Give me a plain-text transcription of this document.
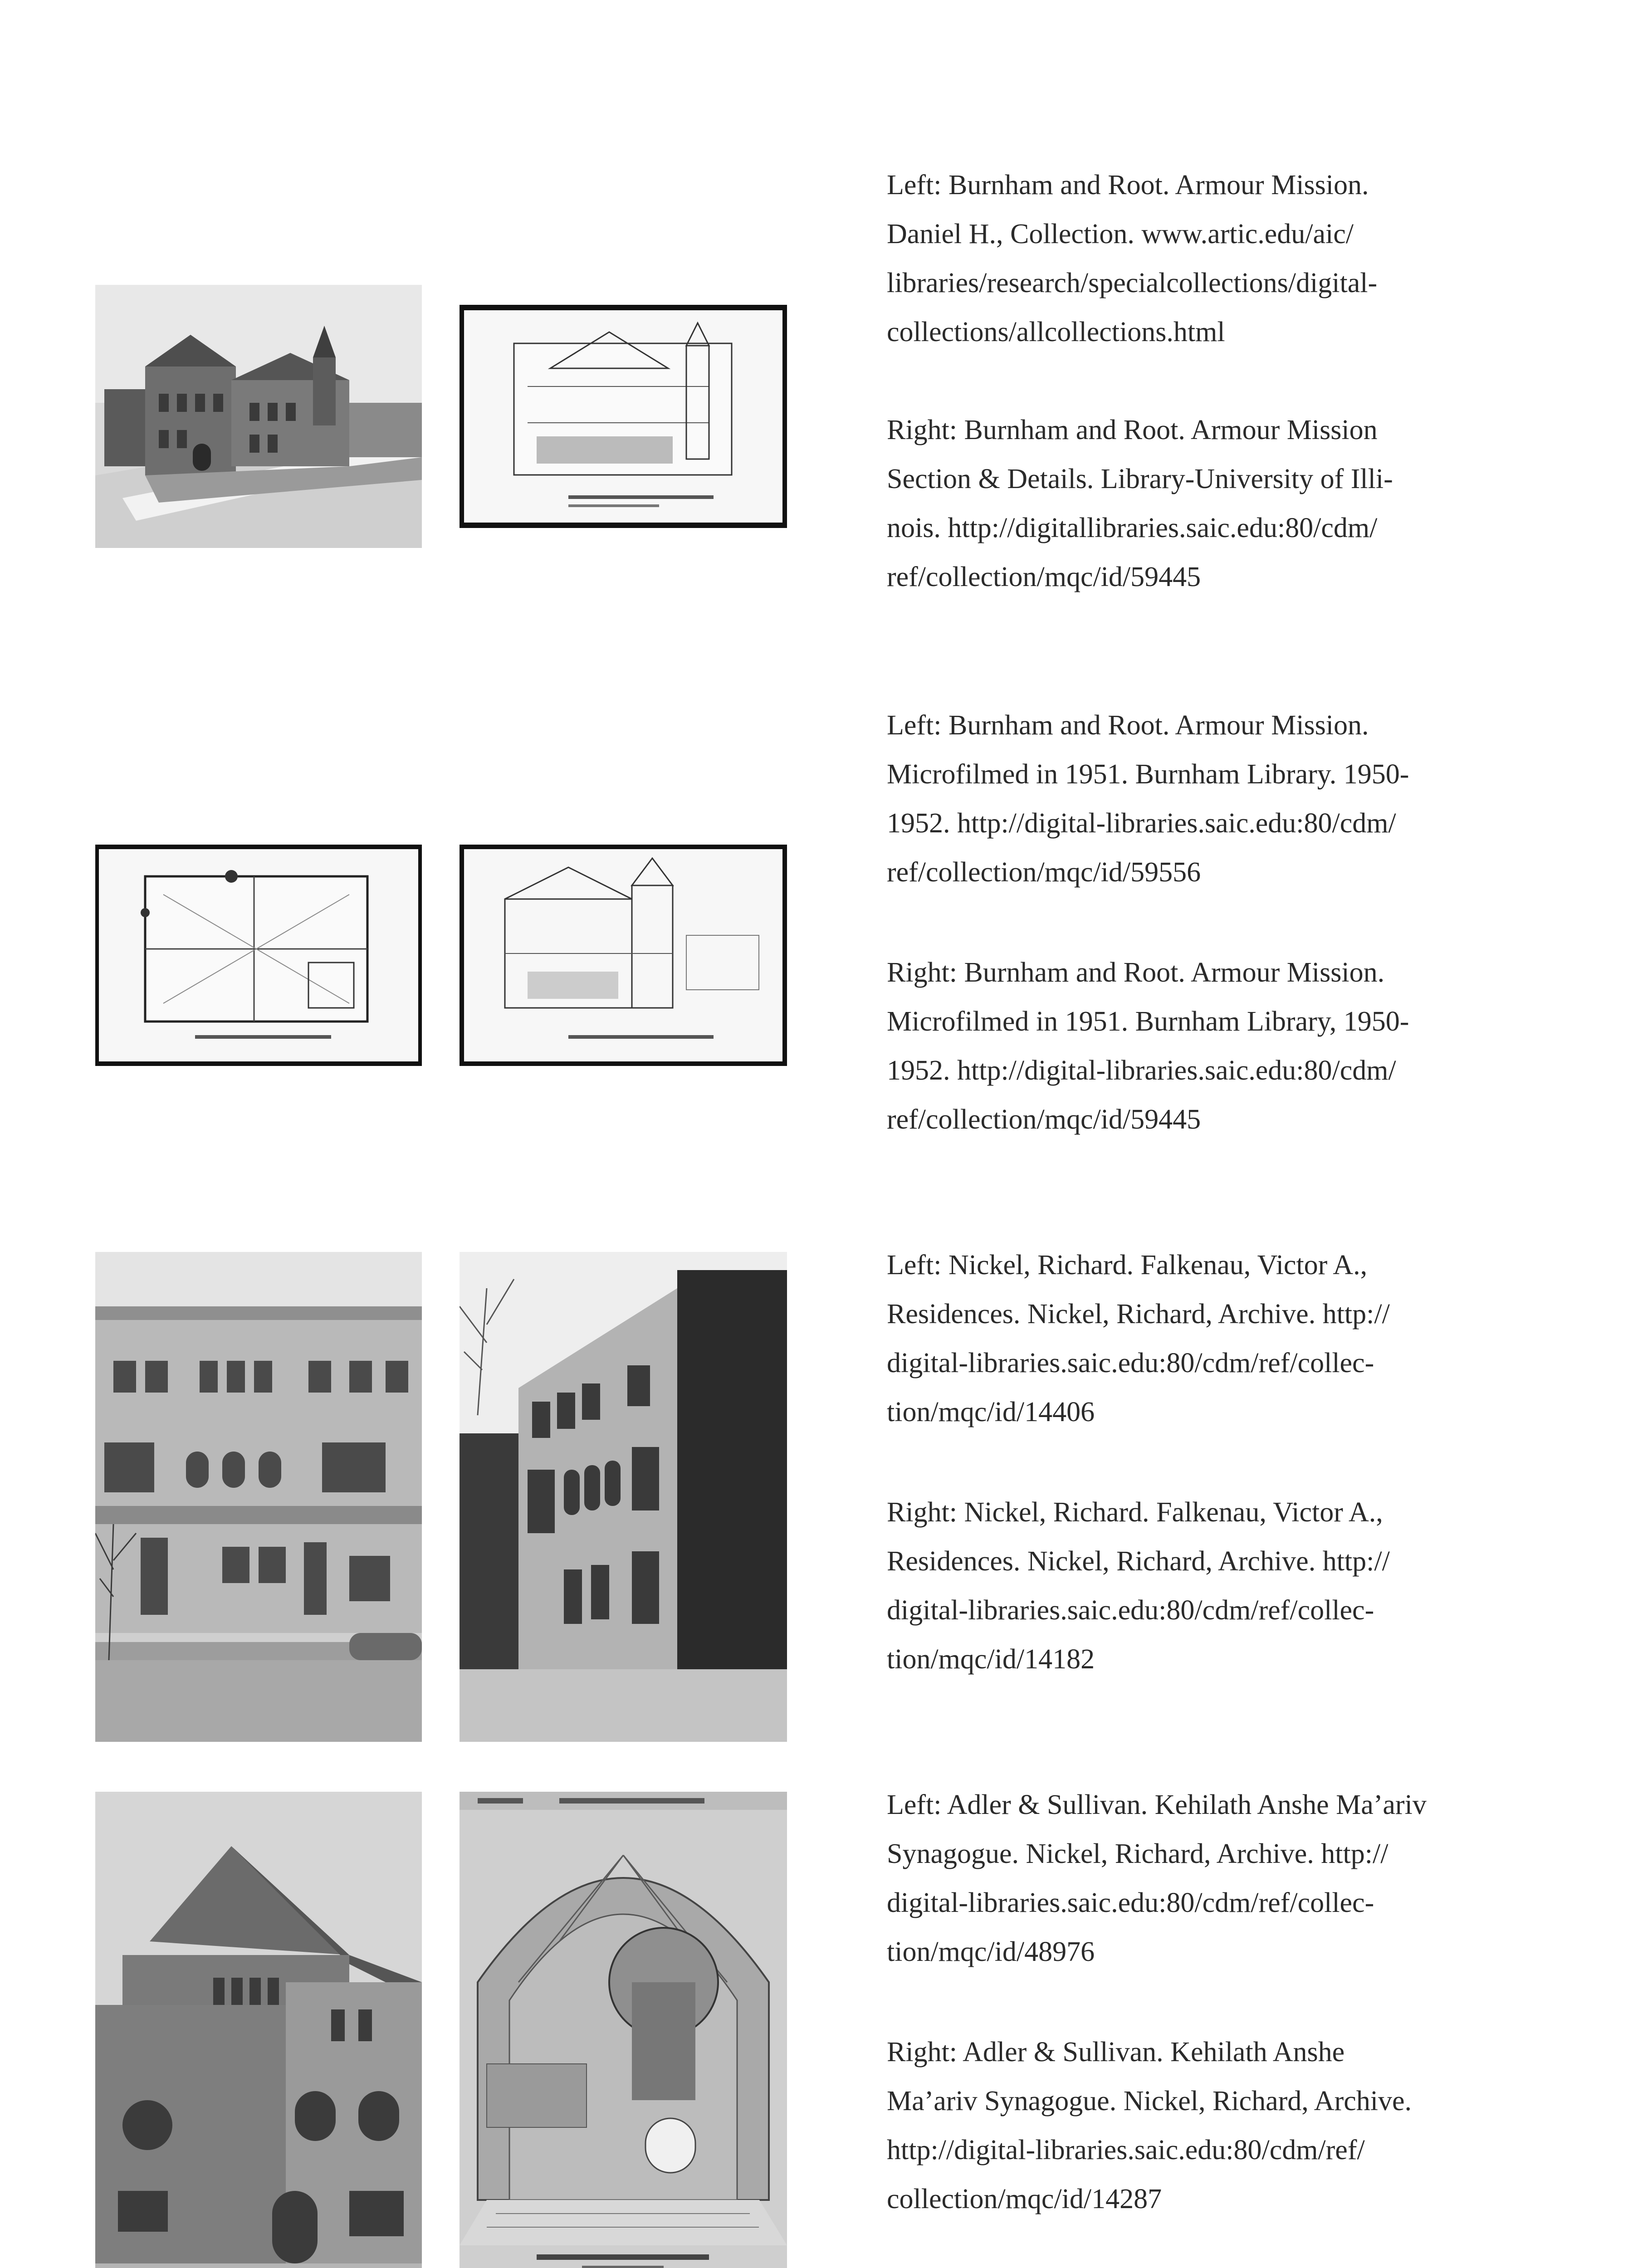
Left: Burnham and Root. Armour Mission.
Daniel H., Collection. www.artic.edu/aic/
libraries/research/specialcollections/digital-
collections/allcollections.html

Right: Burnham and Root. Armour Mission
Section & Details. Library-University of Illi-
nois. http://digitallibraries.saic.edu:80/cdm/
ref/collection/mqc/id/59445

Left: Burnham and Root. Armour Mission.
Microfilmed in 1951. Burnham Library. 1950-
1952. http://digital-libraries.saic.edu:80/cdm/
ref/collection/mqc/id/59556

Right: Burnham and Root. Armour Mission.
Microfilmed in 1951. Burnham Library, 1950-
1952. http://digital-libraries.saic.edu:80/cdm/
ref/collection/mqc/id/59445

Left: Nickel, Richard. Falkenau, Victor A.,
Residences. Nickel, Richard, Archive. http://
digital-libraries.saic.edu:80/cdm/ref/collec-
tion/mqc/id/14406

Right: Nickel, Richard. Falkenau, Victor A.,
Residences. Nickel, Richard, Archive. http://
digital-libraries.saic.edu:80/cdm/ref/collec-
tion/mqc/id/14182

Left: Adler & Sullivan. Kehilath Anshe Ma’ariv
Synagogue. Nickel, Richard, Archive. http://
digital-libraries.saic.edu:80/cdm/ref/collec-
tion/mqc/id/48976

Right: Adler & Sullivan. Kehilath Anshe
Ma’ariv Synagogue. Nickel, Richard, Archive.
http://digital-libraries.saic.edu:80/cdm/ref/
collection/mqc/id/14287
